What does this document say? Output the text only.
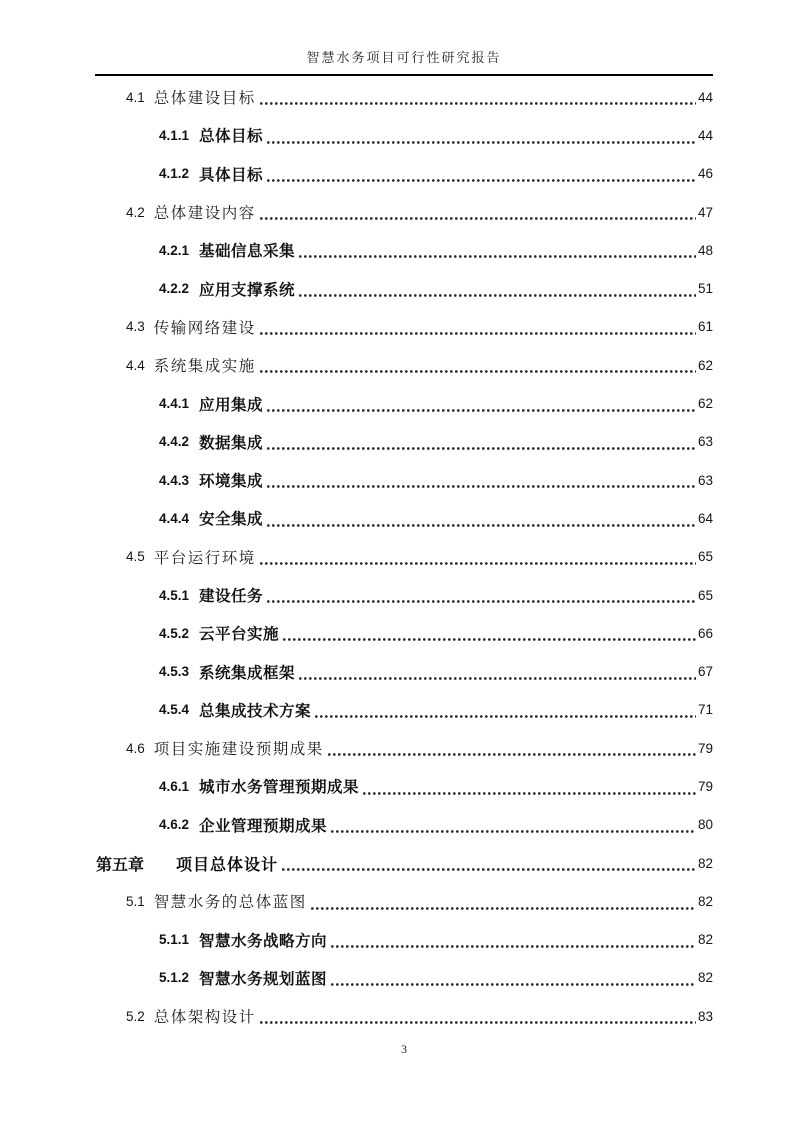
智慧水务项目可行性研究报告
4.1 总体建设目标	44
4.1.1 总体目标	44
4.1.2 具体目标	46
4.2 总体建设内容	47
4.2.1 基础信息采集	48
4.2.2 应用支撑系统	51
4.3 传输网络建设	61
4.4 系统集成实施	62
4.4.1 应用集成	62
4.4.2 数据集成	63
4.4.3 环境集成	63
4.4.4 安全集成	64
4.5 平台运行环境	65
4.5.1 建设任务	65
4.5.2 云平台实施	66
4.5.3 系统集成框架	67
4.5.4 总集成技术方案	71
4.6 项目实施建设预期成果	79
4.6.1 城市水务管理预期成果	79
4.6.2 企业管理预期成果	80
第五章 项目总体设计	82
5.1 智慧水务的总体蓝图	82
5.1.1 智慧水务战略方向	82
5.1.2 智慧水务规划蓝图	82
5.2 总体架构设计	83
3
